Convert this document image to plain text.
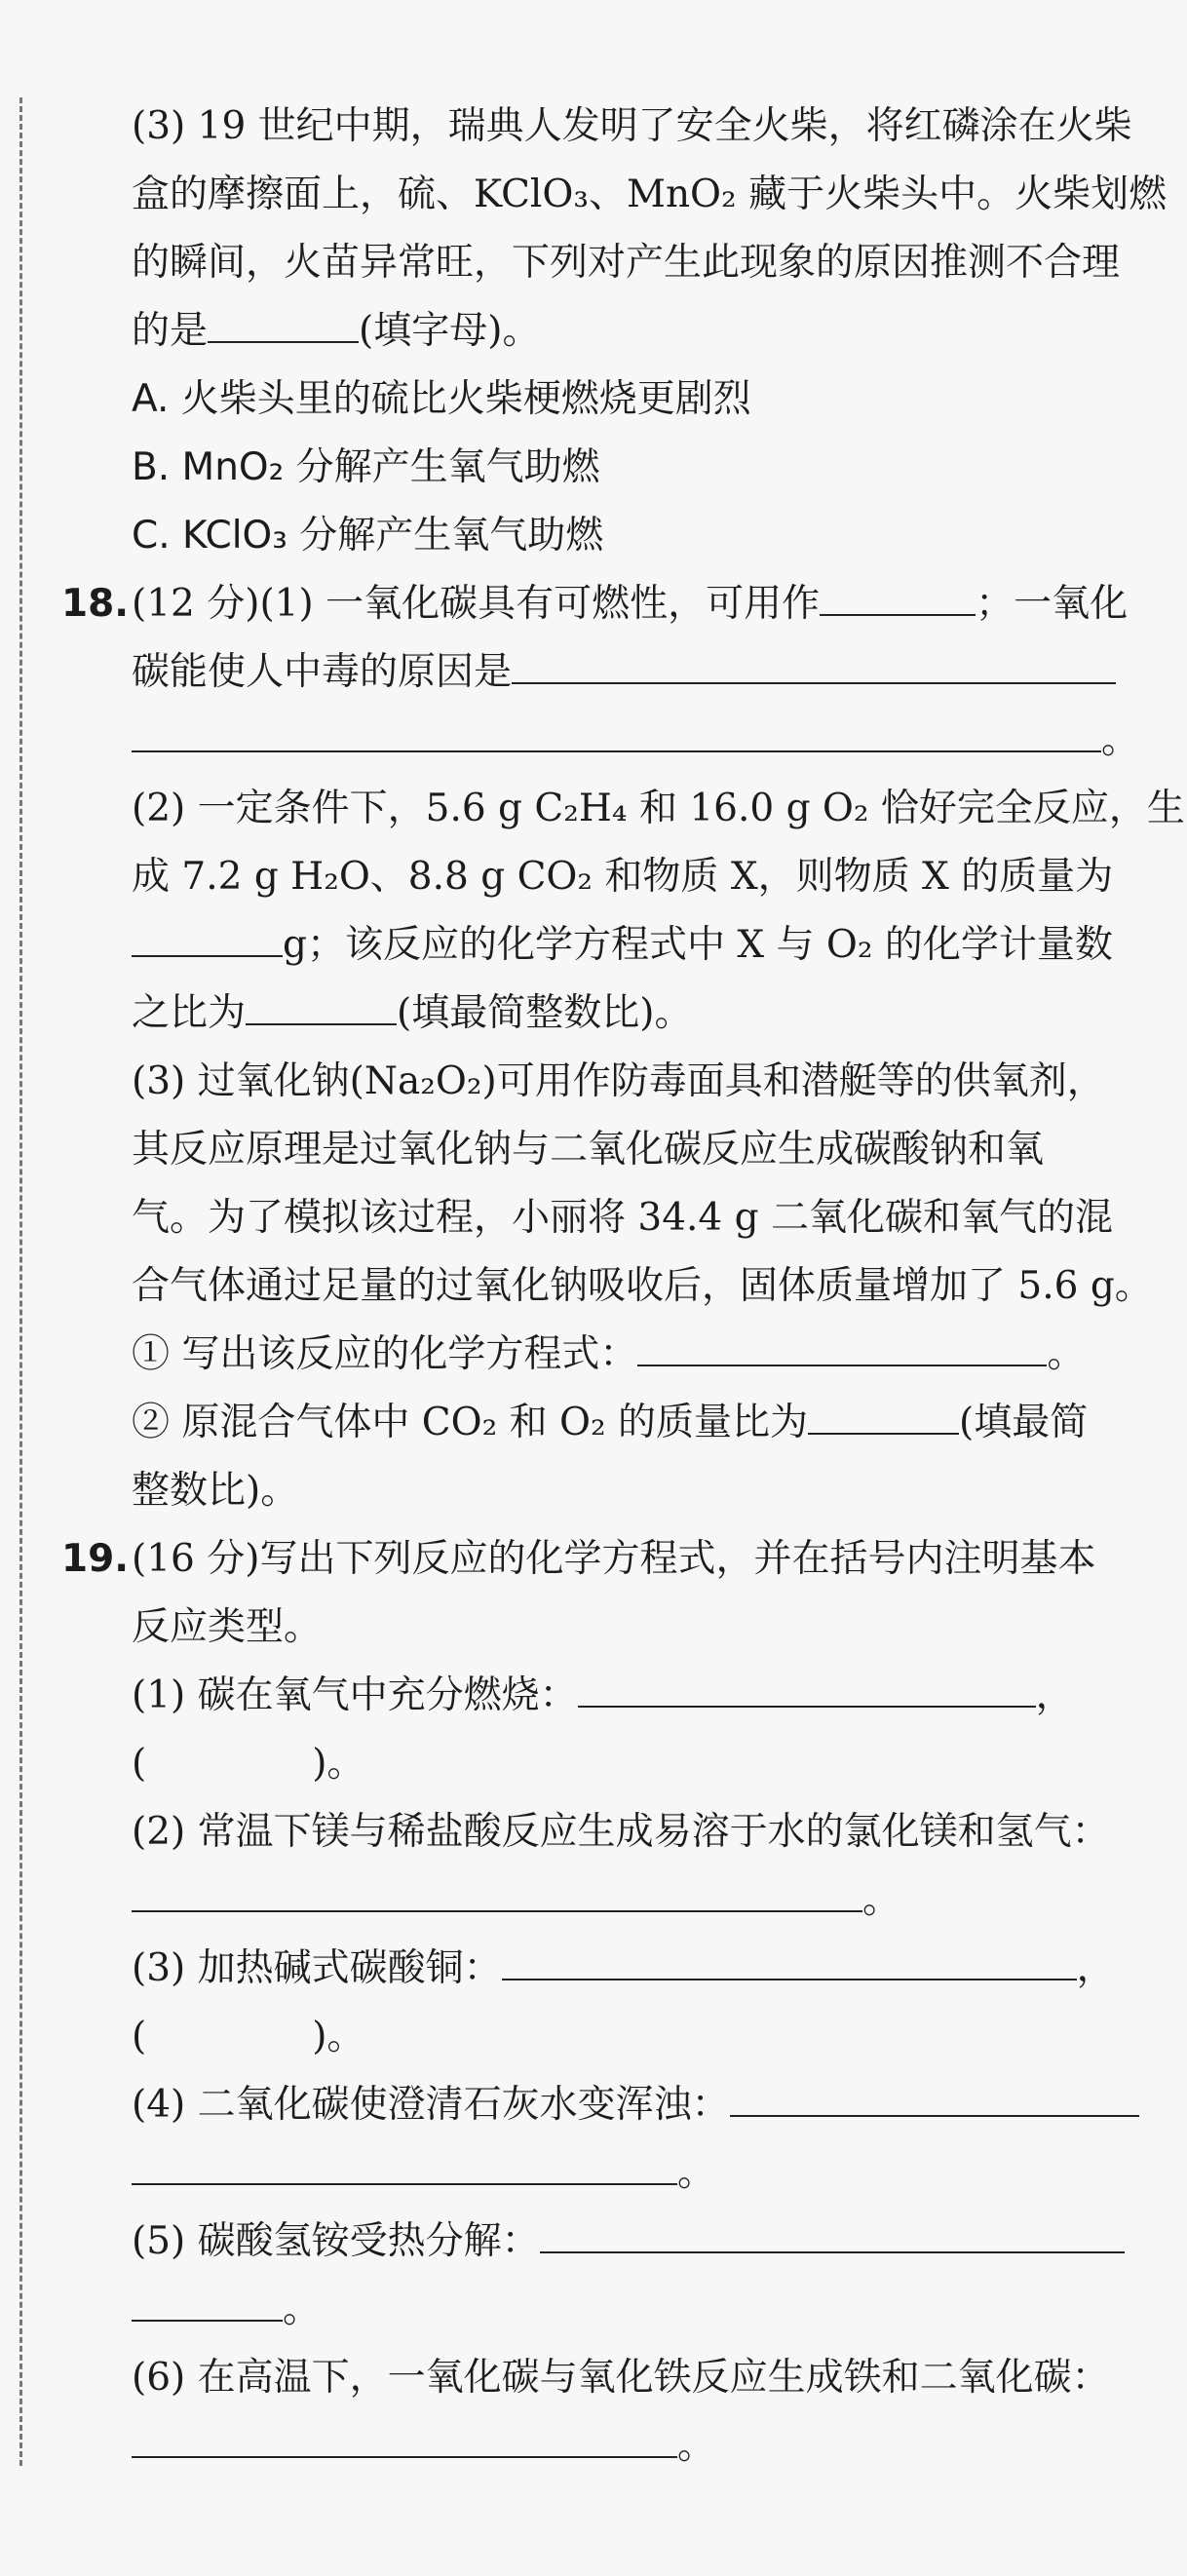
(3) 19 世纪中期，瑞典人发明了安全火柴，将红磷涂在火柴
盒的摩擦面上，硫、KClO₃、MnO₂ 藏于火柴头中。火柴划燃
的瞬间，火苗异常旺，下列对产生此现象的原因推测不合理
的是	(填字母)。
A. 火柴头里的硫比火柴梗燃烧更剧烈
B. MnO₂ 分解产生氧气助燃
C. KClO₃ 分解产生氧气助燃
18. (12 分)(1) 一氧化碳具有可燃性，可用作	；一氧化
碳能使人中毒的原因是
。
(2) 一定条件下，5.6 g C₂H₄ 和 16.0 g O₂ 恰好完全反应，生
成 7.2 g H₂O、8.8 g CO₂ 和物质 X，则物质 X 的质量为
g；该反应的化学方程式中 X 与 O₂ 的化学计量数
之比为	(填最简整数比)。
(3) 过氧化钠(Na₂O₂)可用作防毒面具和潜艇等的供氧剂，
其反应原理是过氧化钠与二氧化碳反应生成碳酸钠和氧
气。为了模拟该过程，小丽将 34.4 g 二氧化碳和氧气的混
合气体通过足量的过氧化钠吸收后，固体质量增加了 5.6 g。
① 写出该反应的化学方程式：	。
② 原混合气体中 CO₂ 和 O₂ 的质量比为	(填最简
整数比)。
19. (16 分)写出下列反应的化学方程式，并在括号内注明基本
反应类型。
(1) 碳在氧气中充分燃烧：	，
(	)。
(2) 常温下镁与稀盐酸反应生成易溶于水的氯化镁和氢气：
。
(3) 加热碱式碳酸铜：	，
(	)。
(4) 二氧化碳使澄清石灰水变浑浊：
。
(5) 碳酸氢铵受热分解：
。
(6) 在高温下，一氧化碳与氧化铁反应生成铁和二氧化碳：
。
